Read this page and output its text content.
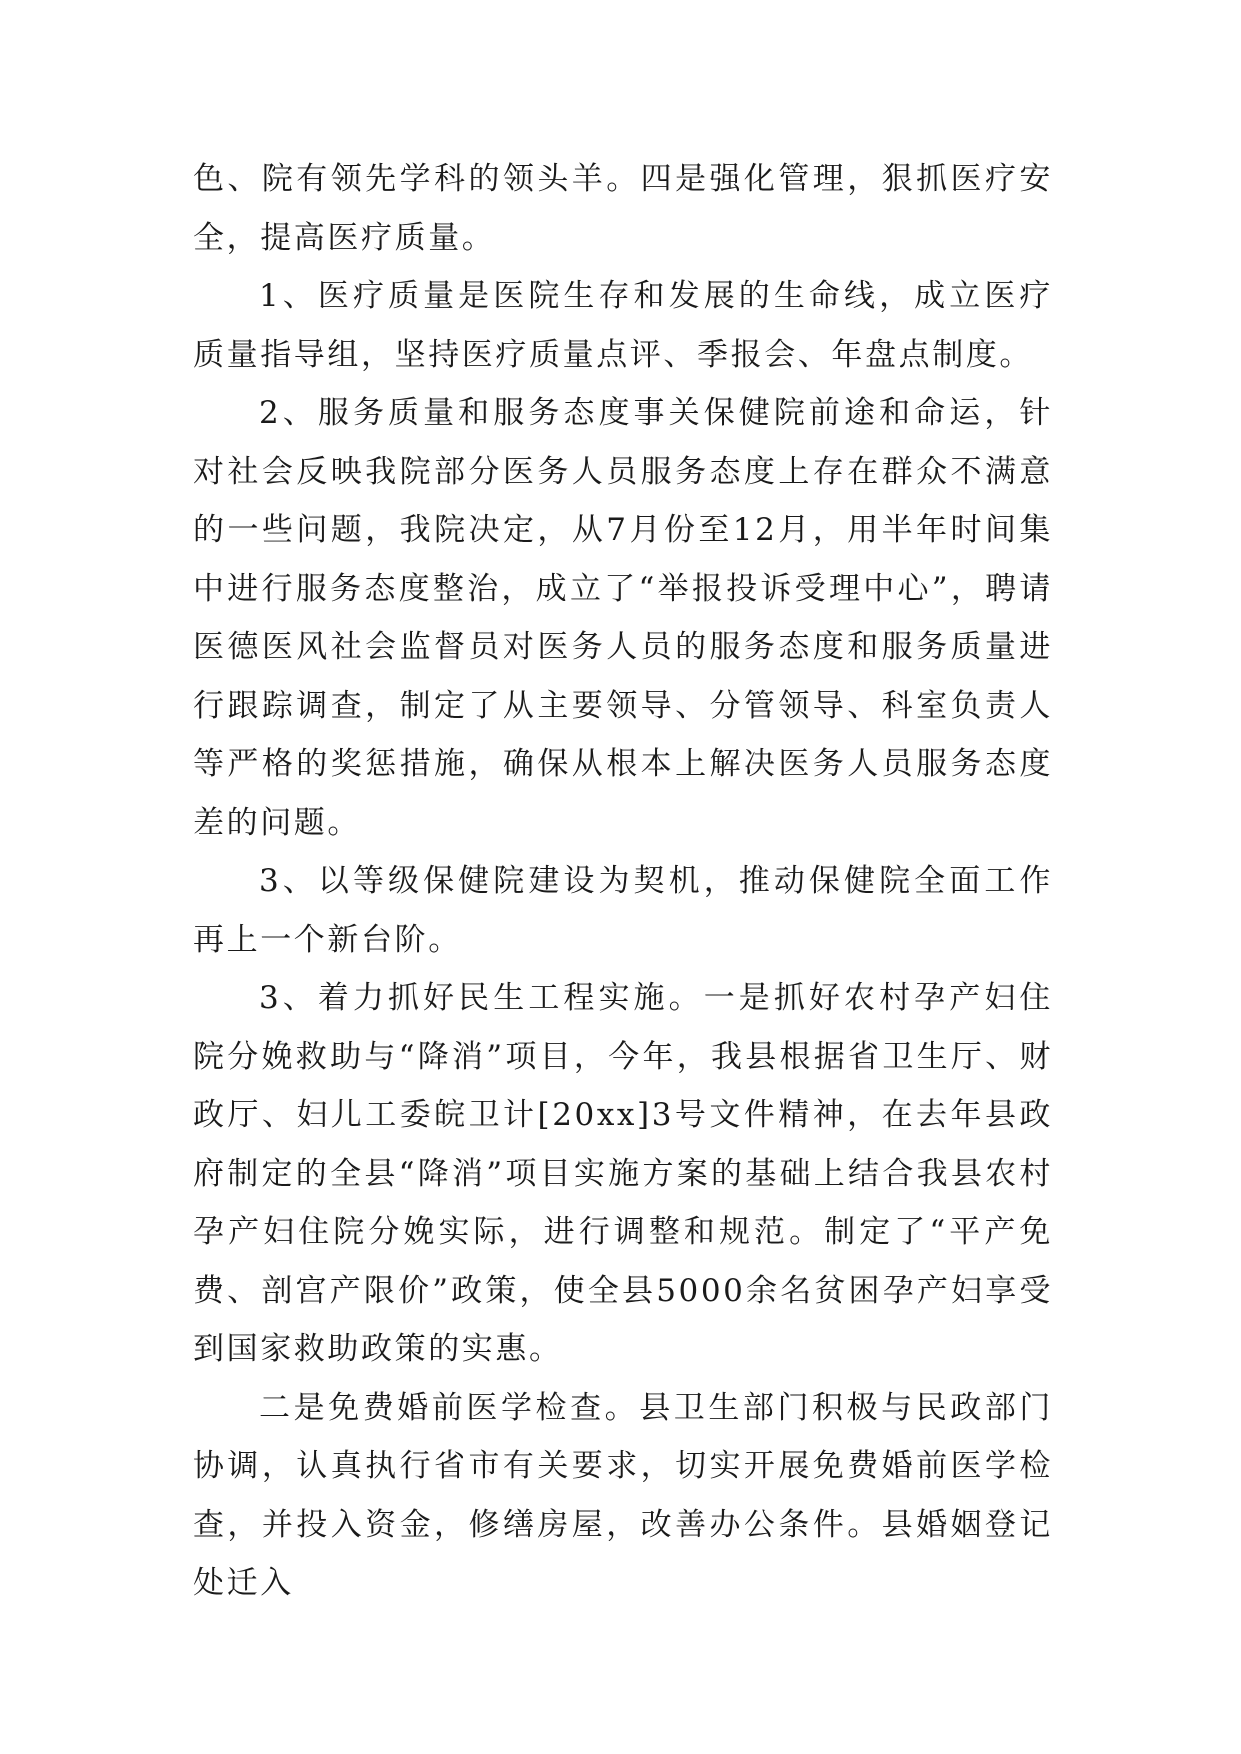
色、院有领先学科的领头羊。四是强化管理，狠抓医疗安全，提高医疗质量。

1、医疗质量是医院生存和发展的生命线，成立医疗质量指导组，坚持医疗质量点评、季报会、年盘点制度。

2、服务质量和服务态度事关保健院前途和命运，针对社会反映我院部分医务人员服务态度上存在群众不满意的一些问题，我院决定，从7月份至12月，用半年时间集中进行服务态度整治，成立了“举报投诉受理中心”，聘请医德医风社会监督员对医务人员的服务态度和服务质量进行跟踪调查，制定了从主要领导、分管领导、科室负责人等严格的奖惩措施，确保从根本上解决医务人员服务态度差的问题。

3、以等级保健院建设为契机，推动保健院全面工作再上一个新台阶。

3、着力抓好民生工程实施。一是抓好农村孕产妇住院分娩救助与“降消”项目，今年，我县根据省卫生厅、财政厅、妇儿工委皖卫计[20xx]3号文件精神，在去年县政府制定的全县“降消”项目实施方案的基础上结合我县农村孕产妇住院分娩实际，进行调整和规范。制定了“平产免费、剖宫产限价”政策，使全县5000余名贫困孕产妇享受到国家救助政策的实惠。

二是免费婚前医学检查。县卫生部门积极与民政部门协调，认真执行省市有关要求，切实开展免费婚前医学检查，并投入资金，修缮房屋，改善办公条件。县婚姻登记处迁入
